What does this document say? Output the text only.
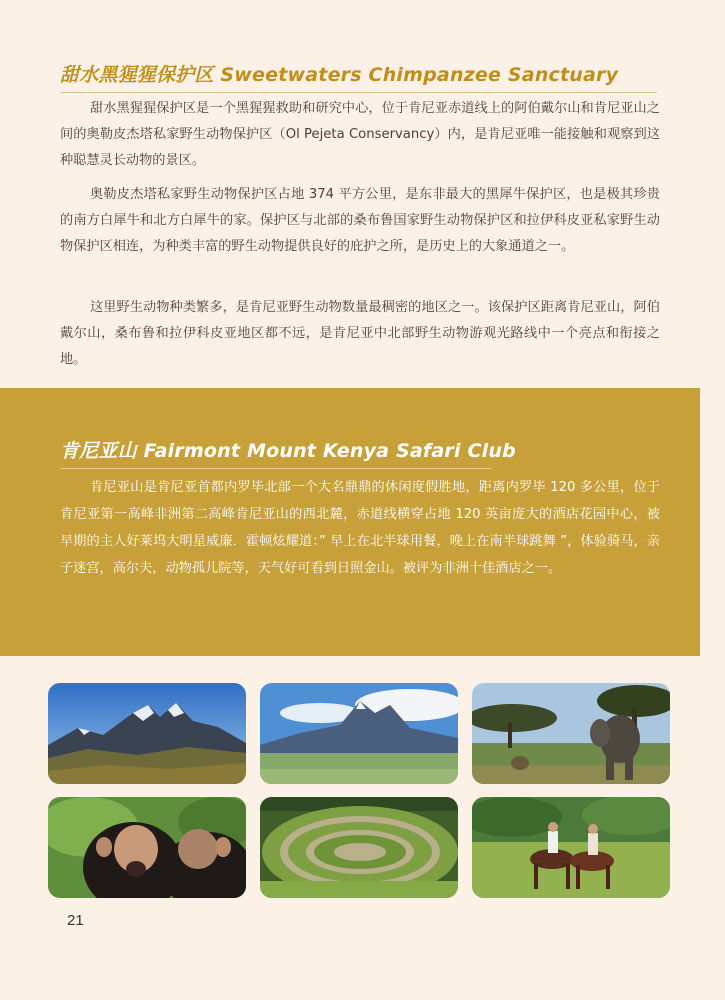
甜水黑猩猩保护区 Sweetwaters Chimpanzee Sanctuary
甜水黑猩猩保护区是一个黑猩猩救助和研究中心，位于肯尼亚赤道线上的阿伯戴尔山和肯尼亚山之间的奥勒皮杰塔私家野生动物保护区（Ol Pejeta Conservancy）内，是肯尼亚唯一能接触和观察到这种聪慧灵长动物的景区。
奥勒皮杰塔私家野生动物保护区占地 374 平方公里，是东非最大的黑犀牛保护区，也是极其珍贵的南方白犀牛和北方白犀牛的家。保护区与北部的桑布鲁国家野生动物保护区和拉伊科皮亚私家野生动物保护区相连，为种类丰富的野生动物提供良好的庇护之所，是历史上的大象通道之一。
这里野生动物种类繁多，是肯尼亚野生动物数量最稠密的地区之一。该保护区距离肯尼亚山，阿伯戴尔山，桑布鲁和拉伊科皮亚地区都不远，是肯尼亚中北部野生动物游观光路线中一个亮点和衔接之地。
肯尼亚山 Fairmont Mount Kenya Safari Club
肯尼亚山是肯尼亚首都内罗毕北部一个大名鼎鼎的休闲度假胜地，距离内罗毕 120 多公里，位于肯尼亚第一高峰非洲第二高峰肯尼亚山的西北麓，赤道线横穿占地 120 英亩庞大的酒店花园中心，被早期的主人好莱坞大明星威廉．霍顿炫耀道：” 早上在北半球用餐，晚上在南半球跳舞 ”，体验骑马，亲子迷宫，高尔夫，动物孤儿院等，天气好可看到日照金山。被评为非洲十佳酒店之一。
21
